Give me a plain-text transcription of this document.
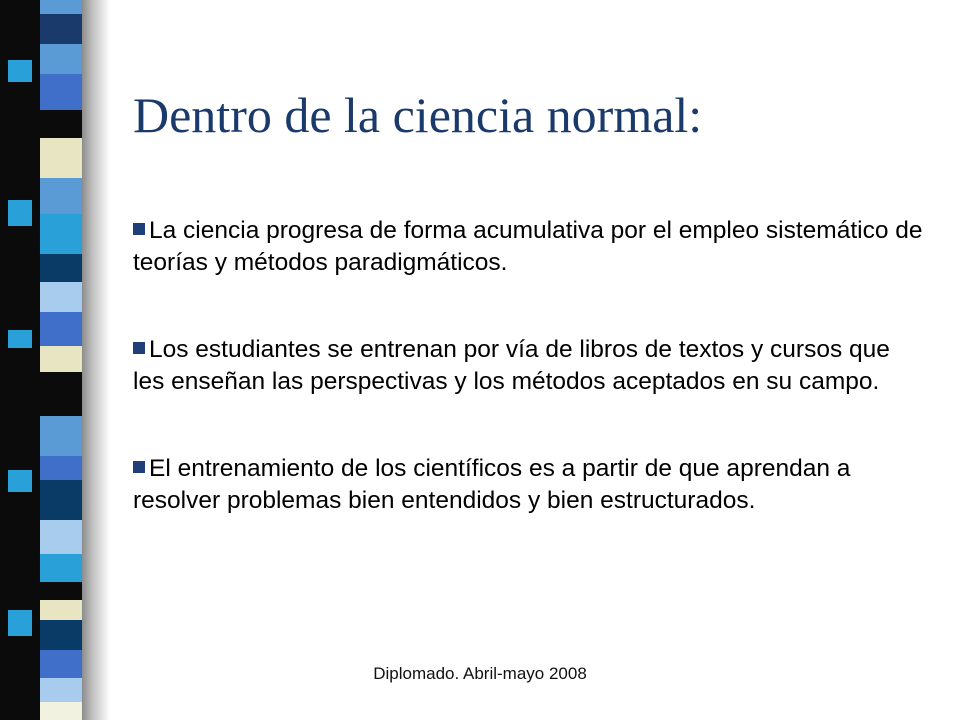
Dentro de la ciencia normal:
La ciencia progresa de forma acumulativa por el empleo sistemático de teorías y métodos paradigmáticos.
Los estudiantes se entrenan por vía de libros de textos y cursos que les enseñan las perspectivas y los métodos aceptados en su campo.
El entrenamiento de los científicos es a partir de que aprendan a resolver problemas bien entendidos y bien estructurados.
Diplomado. Abril-mayo 2008
